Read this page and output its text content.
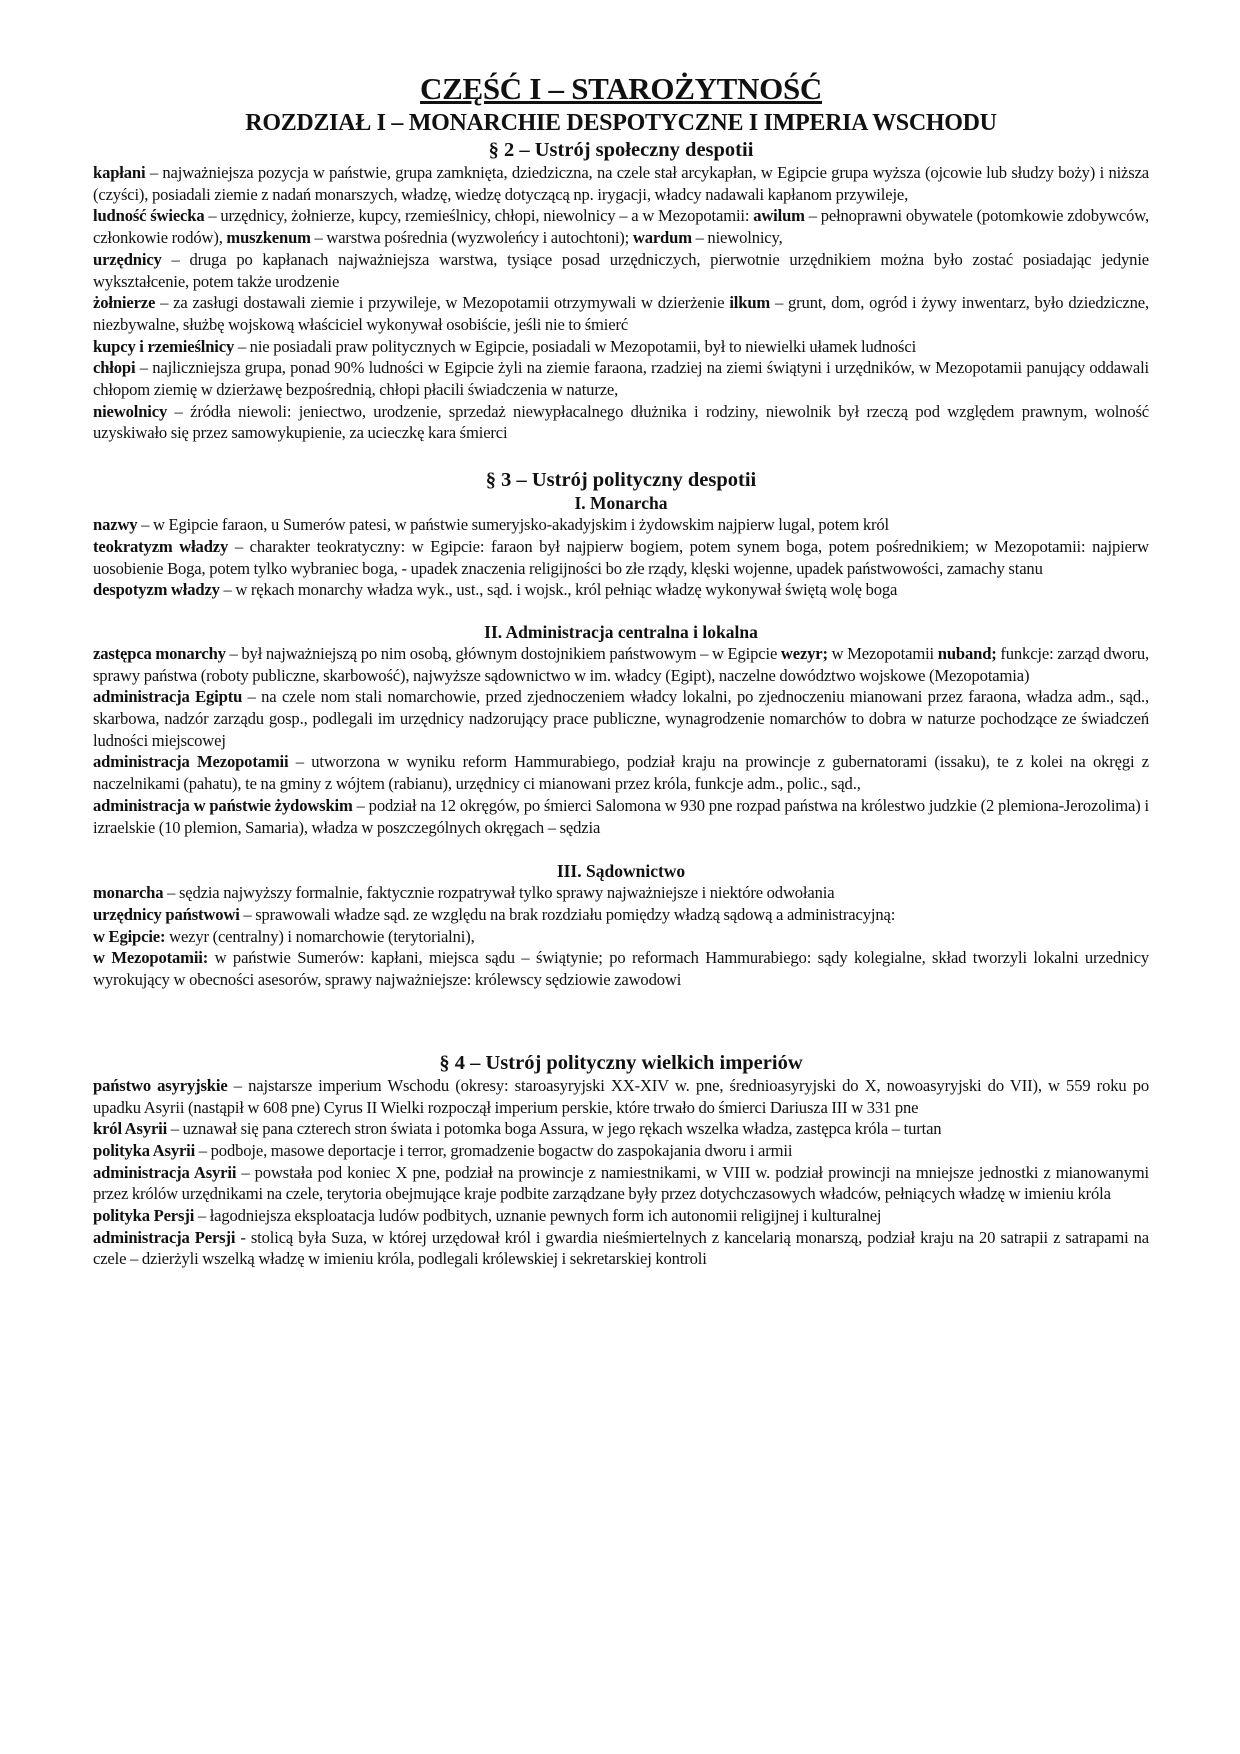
CZĘŚĆ I – STAROŻYTNOŚĆ
ROZDZIAŁ I – MONARCHIE DESPOTYCZNE I IMPERIA WSCHODU
§ 2 – Ustrój społeczny despotii

kapłani – najważniejsza pozycja w państwie, grupa zamknięta, dziedziczna, na czele stał arcykapłan, w Egipcie grupa wyższa (ojcowie lub słudzy boży) i niższa (czyści), posiadali ziemie z nadań monarszych, władzę, wiedzę dotyczącą np. irygacji, władcy nadawali kapłanom przywileje,

ludność świecka – urzędnicy, żołnierze, kupcy, rzemieślnicy, chłopi, niewolnicy – a w Mezopotamii: awilum – pełnoprawni obywatele (potomkowie zdobywców, członkowie rodów), muszkenum – warstwa pośrednia (wyzwoleńcy i autochtoni); wardum – niewolnicy,

urzędnicy – druga po kapłanach najważniejsza warstwa, tysiące posad urzędniczych, pierwotnie urzędnikiem można było zostać posiadając jedynie wykształcenie, potem także urodzenie

żołnierze – za zasługi dostawali ziemie i przywileje, w Mezopotamii otrzymywali w dzierżenie ilkum – grunt, dom, ogród i żywy inwentarz, było dziedziczne, niezbywalne, służbę wojskową właściciel wykonywał osobiście, jeśli nie to śmierć

kupcy i rzemieślnicy – nie posiadali praw politycznych w Egipcie, posiadali w Mezopotamii, był to niewielki ułamek ludności

chłopi – najliczniejsza grupa, ponad 90% ludności w Egipcie żyli na ziemie faraona, rzadziej na ziemi świątyni i urzędników, w Mezopotamii panujący oddawali chłopom ziemię w dzierżawę bezpośrednią, chłopi płacili świadczenia w naturze,

niewolnicy – źródła niewoli: jeniectwo, urodzenie, sprzedaż niewypłacalnego dłużnika i rodziny, niewolnik był rzeczą pod względem prawnym, wolność uzyskiwało się przez samowykupienie, za ucieczkę kara śmierci

§ 3 – Ustrój polityczny despotii
I. Monarcha

nazwy – w Egipcie faraon, u Sumerów patesi, w państwie sumeryjsko-akadyjskim i żydowskim najpierw lugal, potem król

teokratyzm władzy – charakter teokratyczny: w Egipcie: faraon był najpierw bogiem, potem synem boga, potem pośrednikiem; w Mezopotamii: najpierw uosobienie Boga, potem tylko wybraniec boga, - upadek znaczenia religijności bo złe rządy, klęski wojenne, upadek państwowości, zamachy stanu

despotyzm władzy – w rękach monarchy władza wyk., ust., sąd. i wojsk., król pełniąc władzę wykonywał świętą wolę boga

II. Administracja centralna i lokalna

zastępca monarchy – był najważniejszą po nim osobą, głównym dostojnikiem państwowym – w Egipcie wezyr; w Mezopotamii nuband; funkcje: zarząd dworu, sprawy państwa (roboty publiczne, skarbowość), najwyższe sądownictwo w im. władcy (Egipt), naczelne dowództwo wojskowe (Mezopotamia)

administracja Egiptu – na czele nom stali nomarchowie, przed zjednoczeniem władcy lokalni, po zjednoczeniu mianowani przez faraona, władza adm., sąd., skarbowa, nadzór zarządu gosp., podlegali im urzędnicy nadzorujący prace publiczne, wynagrodzenie nomarchów to dobra w naturze pochodzące ze świadczeń ludności miejscowej

administracja Mezopotamii – utworzona w wyniku reform Hammurabiego, podział kraju na prowincje z gubernatorami (issaku), te z kolei na okręgi z naczelnikami (pahatu), te na gminy z wójtem (rabianu), urzędnicy ci mianowani przez króla, funkcje adm., polic., sąd.,

administracja w państwie żydowskim – podział na 12 okręgów, po śmierci Salomona w 930 pne rozpad państwa na królestwo judzkie (2 plemiona-Jerozolima) i izraelskie (10 plemion, Samaria), władza w poszczególnych okręgach – sędzia

III. Sądownictwo

monarcha – sędzia najwyższy formalnie, faktycznie rozpatrywał tylko sprawy najważniejsze i niektóre odwołania

urzędnicy państwowi – sprawowali władze sąd. ze względu na brak rozdziału pomiędzy władzą sądową a administracyjną:

w Egipcie: wezyr (centralny) i nomarchowie (terytorialni),

w Mezopotamii: w państwie Sumerów: kapłani, miejsca sądu – świątynie; po reformach Hammurabiego: sądy kolegialne, skład tworzyli lokalni urzednicy wyrokujący w obecności asesorów, sprawy najważniejsze: królewscy sędziowie zawodowi

§ 4 – Ustrój polityczny wielkich imperiów

państwo asyryjskie – najstarsze imperium Wschodu (okresy: staroasyryjski XX-XIV w. pne, średnioasyryjski do X, nowoasyryjski do VII), w 559 roku po upadku Asyrii (nastąpił w 608 pne) Cyrus II Wielki rozpoczął imperium perskie, które trwało do śmierci Dariusza III w 331 pne

król Asyrii – uznawał się pana czterech stron świata i potomka boga Assura, w jego rękach wszelka władza, zastępca króla – turtan

polityka Asyrii – podboje, masowe deportacje i terror, gromadzenie bogactw do zaspokajania dworu i armii

administracja Asyrii – powstała pod koniec X pne, podział na prowincje z namiestnikami, w VIII w. podział prowincji na mniejsze jednostki z mianowanymi przez królów urzędnikami na czele, terytoria obejmujące kraje podbite zarządzane były przez dotychczasowych władców, pełniących władzę w imieniu króla

polityka Persji – łagodniejsza eksploatacja ludów podbitych, uznanie pewnych form ich autonomii religijnej i kulturalnej

administracja Persji - stolicą była Suza, w której urzędował król i gwardia nieśmiertelnych z kancelarią monarszą, podział kraju na 20 satrapii z satrapami na czele – dzierżyli wszelką władzę w imieniu króla, podlegali królewskiej i sekretarskiej kontroli
